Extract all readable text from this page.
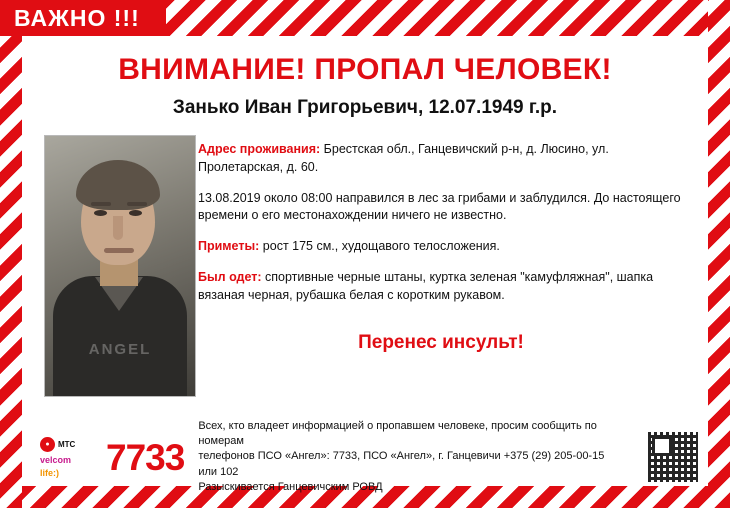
ВАЖНО !!!
ВНИМАНИЕ! ПРОПАЛ ЧЕЛОВЕК!
Занько Иван Григорьевич, 12.07.1949 г.р.
ANGEL
Адрес проживания: Брестская обл., Ганцевичский р-н, д. Люсино, ул. Пролетарская, д. 60.
13.08.2019 около 08:00 направился в лес за грибами и заблудился. До настоящего времени о его местонахождении ничего не известно.
Приметы: рост 175 см., худощавого телосложения.
Был одет: спортивные черные штаны, куртка зеленая "камуфляжная", шапка вязаная черная, рубашка белая с коротким рукавом.
Перенес инсульт!
●	МТС
velcom
life:)	7733
Всех, кто владеет информацией о пропавшем человеке, просим сообщить по номерам
телефонов ПСО «Ангел»: 7733, ПСО «Ангел», г. Ганцевичи +375 (29) 205-00-15
или 102
Разыскивается Ганцевичским РОВД
